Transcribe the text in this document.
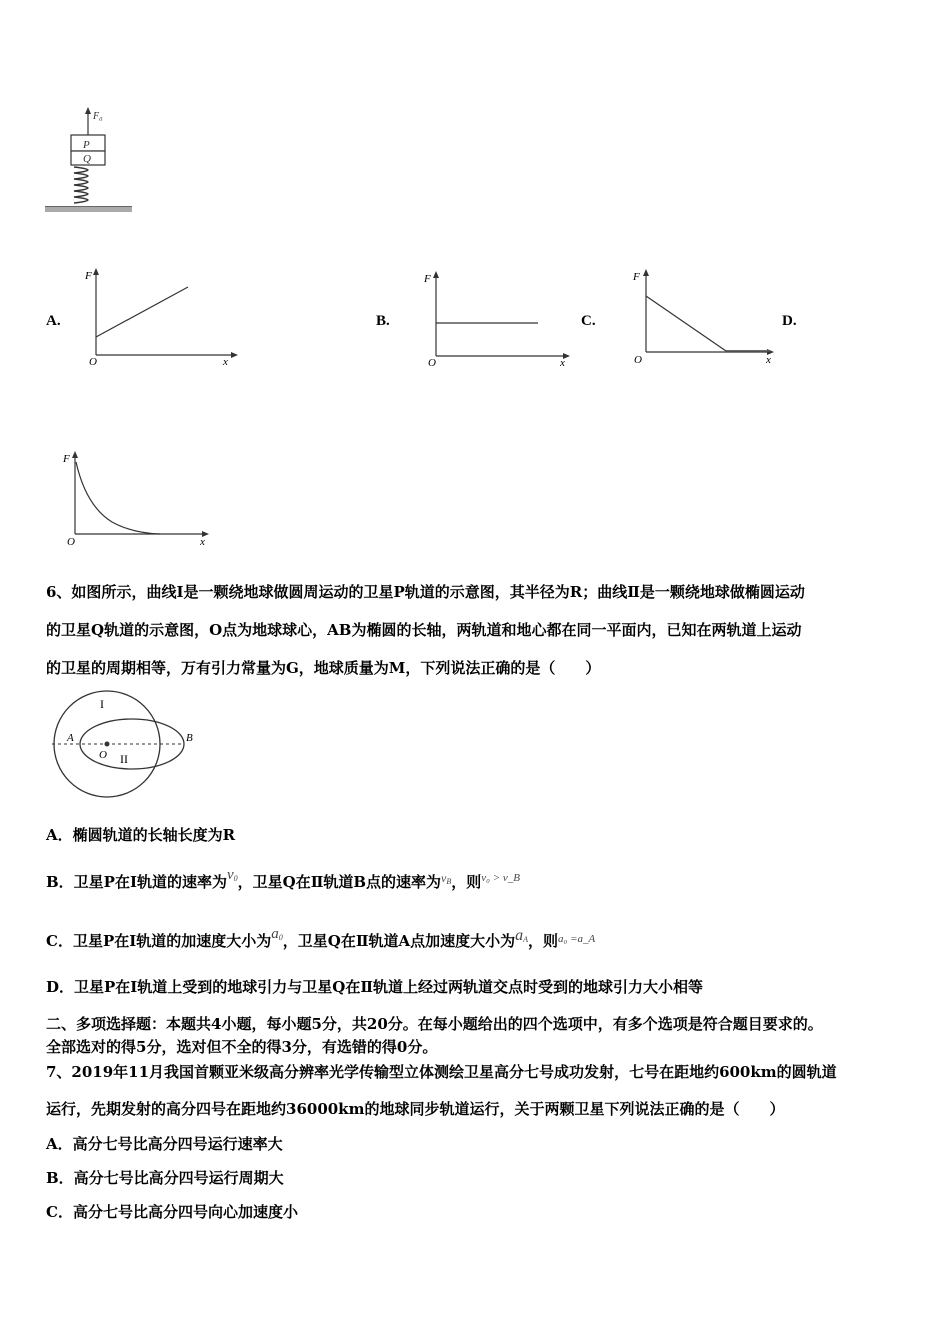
F₀
P
Q
A.	B.	C.	D.
F
O	x
F
O	x
F
O	x
F
O	x
6、如图所示，曲线Ⅰ是一颗绕地球做圆周运动的卫星P轨道的示意图，其半径为R；曲线Ⅱ是一颗绕地球做椭圆运动
的卫星Q轨道的示意图，O点为地球球心，AB为椭圆的长轴，两轨道和地心都在同一平面内，已知在两轨道上运动
的卫星的周期相等，万有引力常量为G，地球质量为M，下列说法正确的是（　　）
I
II
A	B
O
A．椭圆轨道的长轴长度为R
B．卫星P在Ⅰ轨道的速率为$v_0$，卫星Q在Ⅱ轨道B点的速率为$^{v_B}$，则$^{v_0 > v\_B}$
C．卫星P在Ⅰ轨道的加速度大小为$a_0$，卫星Q在Ⅱ轨道A点加速度大小为$a_A$，则$^{a_0 =a\_A}$
D．卫星P在Ⅰ轨道上受到的地球引力与卫星Q在Ⅱ轨道上经过两轨道交点时受到的地球引力大小相等
二、多项选择题：本题共4小题，每小题5分，共20分。在每小题给出的四个选项中，有多个选项是符合题目要求的。
全部选对的得5分，选对但不全的得3分，有选错的得0分。
7、2019年11月我国首颗亚米级高分辨率光学传输型立体测绘卫星高分七号成功发射，七号在距地约600km的圆轨道
运行，先期发射的高分四号在距地约36000km的地球同步轨道运行，关于两颗卫星下列说法正确的是（　　）
A．高分七号比高分四号运行速率大
B．高分七号比高分四号运行周期大
C．高分七号比高分四号向心加速度小
